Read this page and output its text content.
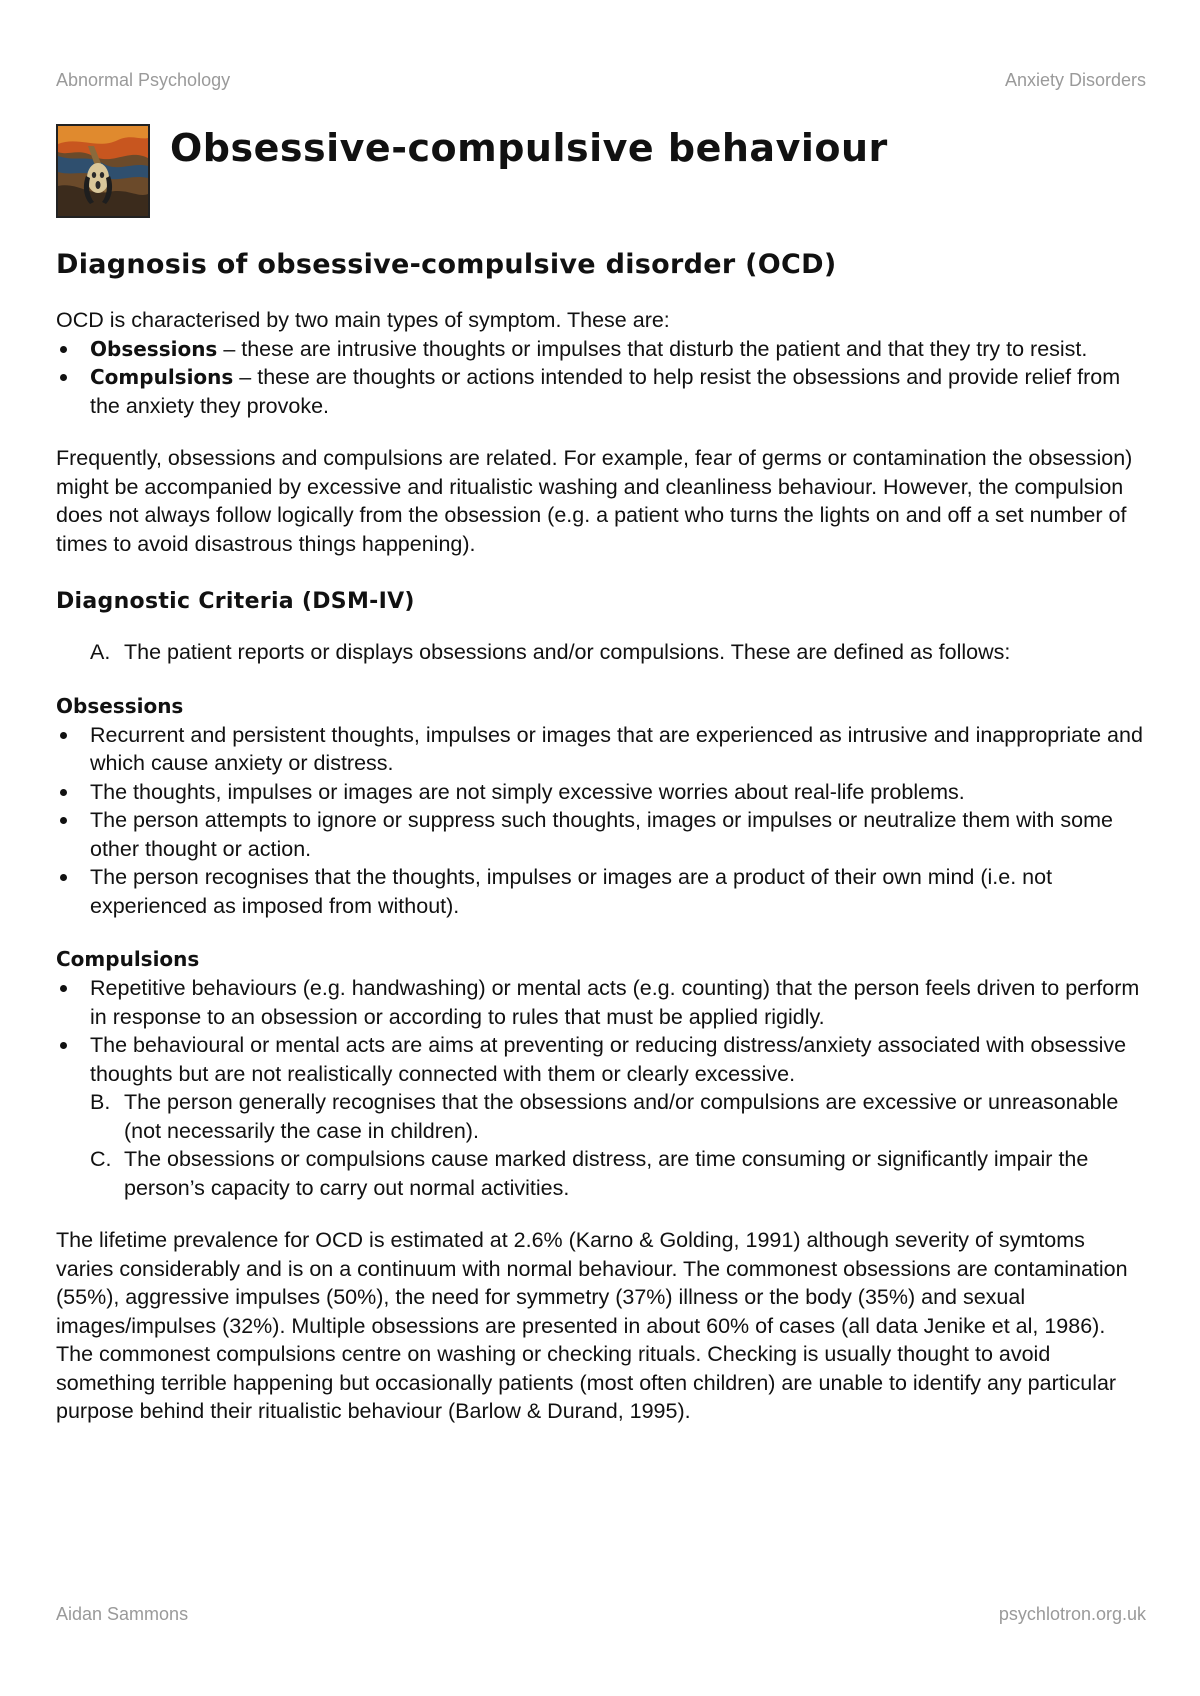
Abnormal Psychology	Anxiety Disorders
Obsessive-compulsive behaviour
Diagnosis of obsessive-compulsive disorder (OCD)

OCD is characterised by two main types of symptom. These are:

Obsessions – these are intrusive thoughts or impulses that disturb the patient and that they try to resist.
Compulsions – these are thoughts or actions intended to help resist the obsessions and provide relief from the anxiety they provoke.

Frequently, obsessions and compulsions are related. For example, fear of germs or contamination the obsession) might be accompanied by excessive and ritualistic washing and cleanliness behaviour. However, the compulsion does not always follow logically from the obsession (e.g. a patient who turns the lights on and off a set number of times to avoid disastrous things happening).

Diagnostic Criteria (DSM-IV)
A. The patient reports or displays obsessions and/or compulsions. These are defined as follows:
Obsessions
Recurrent and persistent thoughts, impulses or images that are experienced as intrusive and inappropriate and which cause anxiety or distress.
The thoughts, impulses or images are not simply excessive worries about real-life problems.
The person attempts to ignore or suppress such thoughts, images or impulses or neutralize them with some other thought or action.
The person recognises that the thoughts, impulses or images are a product of their own mind (i.e. not experienced as imposed from without).
Compulsions
Repetitive behaviours (e.g. handwashing) or mental acts (e.g. counting) that the person feels driven to perform in response to an obsession or according to rules that must be applied rigidly.
The behavioural or mental acts are aims at preventing or reducing distress/anxiety associated with obsessive thoughts but are not realistically connected with them or clearly excessive.
B. The person generally recognises that the obsessions and/or compulsions are excessive or unreasonable (not necessarily the case in children).
C. The obsessions or compulsions cause marked distress, are time consuming or significantly impair the person’s capacity to carry out normal activities.

The lifetime prevalence for OCD is estimated at 2.6% (Karno & Golding, 1991) although severity of symtoms varies considerably and is on a continuum with normal behaviour. The commonest obsessions are contamination (55%), aggressive impulses (50%), the need for symmetry (37%) illness or the body (35%) and sexual images/impulses (32%). Multiple obsessions are presented in about 60% of cases (all data Jenike et al, 1986). The commonest compulsions centre on washing or checking rituals. Checking is usually thought to avoid something terrible happening but occasionally patients (most often children) are unable to identify any particular purpose behind their ritualistic behaviour (Barlow & Durand, 1995).

Aidan Sammons	psychlotron.org.uk
